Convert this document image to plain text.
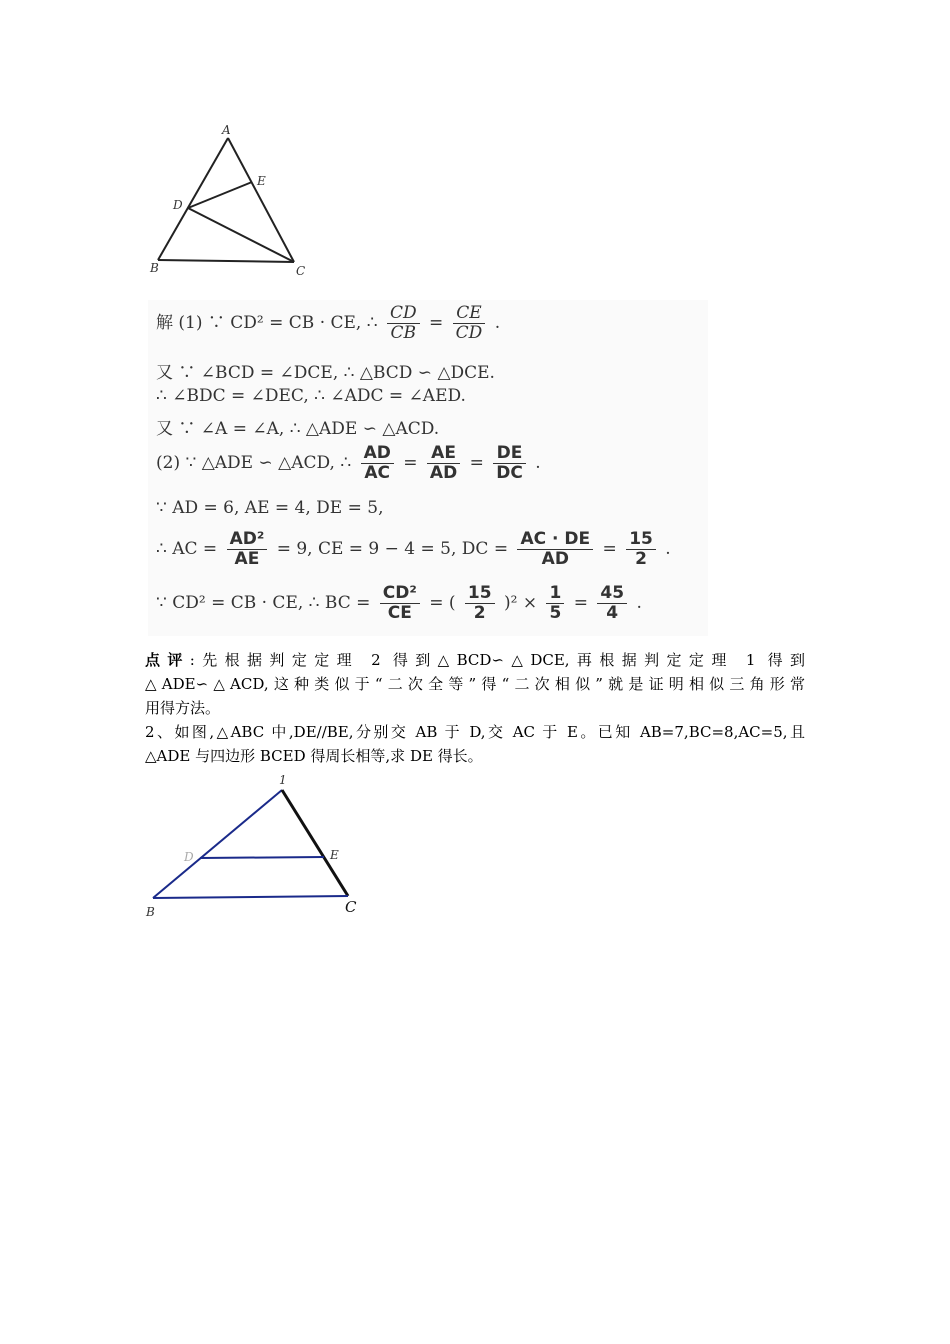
A
E
D
B	C
解 (1) ∵ CD² = CB · CE, ∴ $\frac{CD}{CB} = \frac{CE}{CD}$ .
又 ∵ ∠BCD = ∠DCE, ∴ △BCD ∽ △DCE.
∴ ∠BDC = ∠DEC, ∴ ∠ADC = ∠AED.
又 ∵ ∠A = ∠A, ∴ △ADE ∽ △ACD.
(2) ∵ △ADE ∽ △ACD, ∴ $\frac{AD}{AC} = \frac{AE}{AD} = \frac{DE}{DC}$ .
∵ AD = 6, AE = 4, DE = 5,
∴ AC = $\frac{\text{AD²}}{AE} = 9$, CE = 9 − 4 = 5, DC = $\frac{AC \cdot DE}{AD} = \frac{15}{2}$ .
∵ CD² = CB · CE, ∴ BC = $\frac{\text{CD²}}{CE}$ = ( $\frac{15}{2} )^2 \times \frac{1}{5} = \frac{45}{4}$ .

点评:先根据判定定理 2 得到△BCD∽△DCE,再根据判定定理 1 得到

△ADE∽△ACD,这种类似于“二次全等”得“二次相似”就是证明相似三角形常

用得方法。

2、如图,△ABC 中,DE//BE,分别交 AB 于 D,交 AC 于 E。已知 AB=7,BC=8,AC=5,且

△ADE 与四边形 BCED 得周长相等,求 DE 得长。

1
D	E
B	C
